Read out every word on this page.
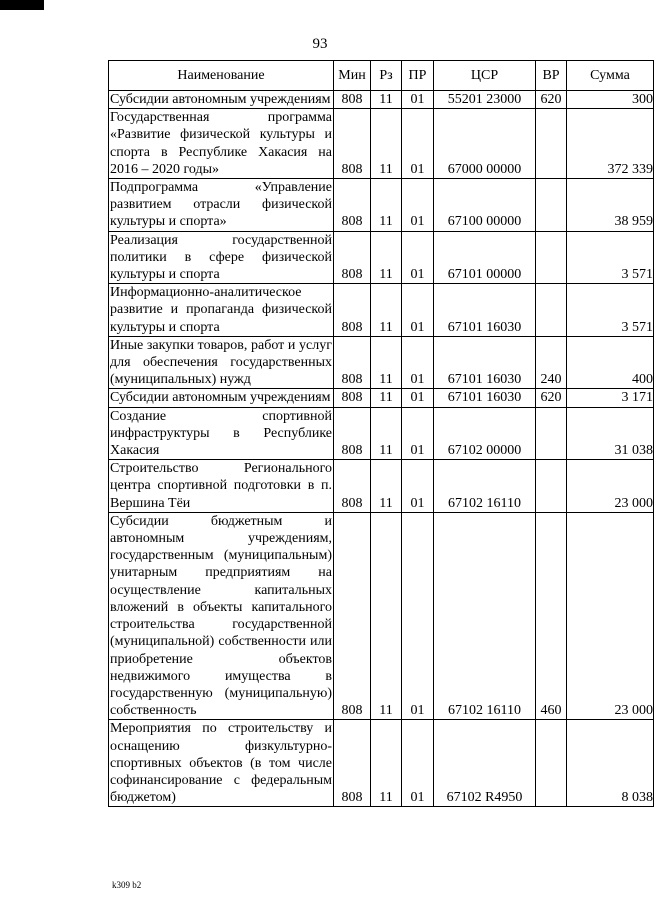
93
Наименование	Мин	Рз	ПР	ЦСР	ВР	Сумма
Субсидии автономным учреждениям	808	11	01	55201 23000	620	300
Государственная программа «Развитие физической культуры и спорта в Республике Хакасия на 2016 – 2020 годы»	808	11	01	67000 00000		372 339
Подпрограмма «Управление развитием отрасли физической культуры и спорта»	808	11	01	67100 00000		38 959
Реализация государственной политики в сфере физической культуры и спорта	808	11	01	67101 00000		3 571
Информационно-аналитическое развитие и пропаганда физической культуры и спорта	808	11	01	67101 16030		3 571
Иные закупки товаров, работ и услуг для обеспечения государственных (муниципальных) нужд	808	11	01	67101 16030	240	400
Субсидии автономным учреждениям	808	11	01	67101 16030	620	3 171
Создание спортивной инфраструктуры в Республике Хакасия	808	11	01	67102 00000		31 038
Строительство Регионального центра спортивной подготовки в п. Вершина Тёи	808	11	01	67102 16110		23 000
Субсидии бюджетным и автономным учреждениям, государственным (муниципальным) унитарным предприятиям на осуществление капитальных вложений в объекты капитального строительства государственной (муниципальной) собственности или приобретение объектов недвижимого имущества в государственную (муниципальную) собственность	808	11	01	67102 16110	460	23 000
Мероприятия по строительству и оснащению физкультурно-спортивных объектов (в том числе софинансирование с федеральным бюджетом)	808	11	01	67102 R4950		8 038
k309 b2
